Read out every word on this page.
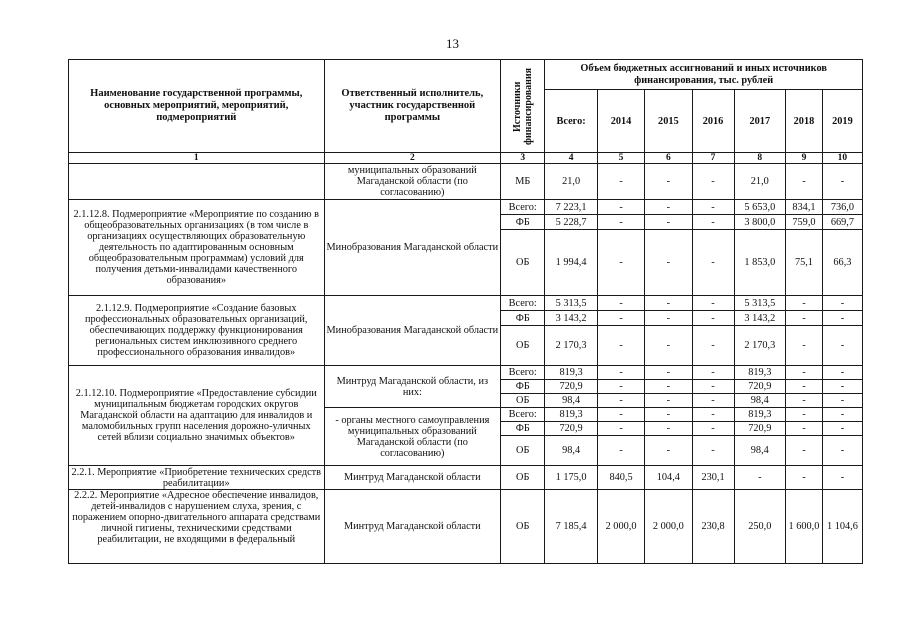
13
Наименование государственной программы, основных мероприятий, мероприятий, подмероприятий	Ответственный исполнитель, участник государственной программы	Источники финансирования	Объем бюджетных ассигнований и иных источников финансирования, тыс. рублей						
			Всего:	2014	2015	2016	2017	2018	2019
1	2	3	4	5	6	7	8	9	10
	муниципальных образований Магаданской области (по согласованию)	МБ	21,0	-	-	-	21,0	-	-
2.1.12.8. Подмероприятие «Мероприятие по созданию в общеобразовательных организациях (в том числе в организациях осуществляющих образовательную деятельность по адаптированным основным общеобразовательным программам) условий для получения детьми-инвалидами качественного образования»	Минобразования Магаданской области	Всего:	7 223,1	-	-	-	5 653,0	834,1	736,0
		ФБ	5 228,7	-	-	-	3 800,0	759,0	669,7
		ОБ	1 994,4	-	-	-	1 853,0	75,1	66,3
2.1.12.9. Подмероприятие «Создание базовых профессиональных образовательных организаций, обеспечивающих поддержку функционирования региональных систем инклюзивного среднего профессионального образования инвалидов»	Минобразования Магаданской области	Всего:	5 313,5	-	-	-	5 313,5	-	-
		ФБ	3 143,2	-	-	-	3 143,2	-	-
		ОБ	2 170,3	-	-	-	2 170,3	-	-
2.1.12.10. Подмероприятие «Предоставление субсидии муниципальным бюджетам городских округов Магаданской области на адаптацию для инвалидов и маломобильных групп населения дорожно-уличных сетей вблизи социально значимых объектов»	Минтруд Магаданской области, из них:	Всего:	819,3	-	-	-	819,3	-	-
		ФБ	720,9	-	-	-	720,9	-	-
		ОБ	98,4	-	-	-	98,4	-	-
	- органы местного самоуправления муниципальных образований Магаданской области (по согласованию)	Всего:	819,3	-	-	-	819,3	-	-
		ФБ	720,9	-	-	-	720,9	-	-
		ОБ	98,4	-	-	-	98,4	-	-
2.2.1. Мероприятие «Приобретение технических средств реабилитации»	Минтруд Магаданской области	ОБ	1 175,0	840,5	104,4	230,1	-	-	-

2.2.2. Мероприятие «Адресное обеспечение инвалидов, детей-инвалидов с нарушением слуха, зрения, с поражением опорно-двигательного аппарата средствами личной гигиены, техническими средствами реабилитации, не входящими в федеральный	Минтруд Магаданской области	ОБ	7 185,4	2 000,0	2 000,0	230,8	250,0	1 600,0	1 104,6
